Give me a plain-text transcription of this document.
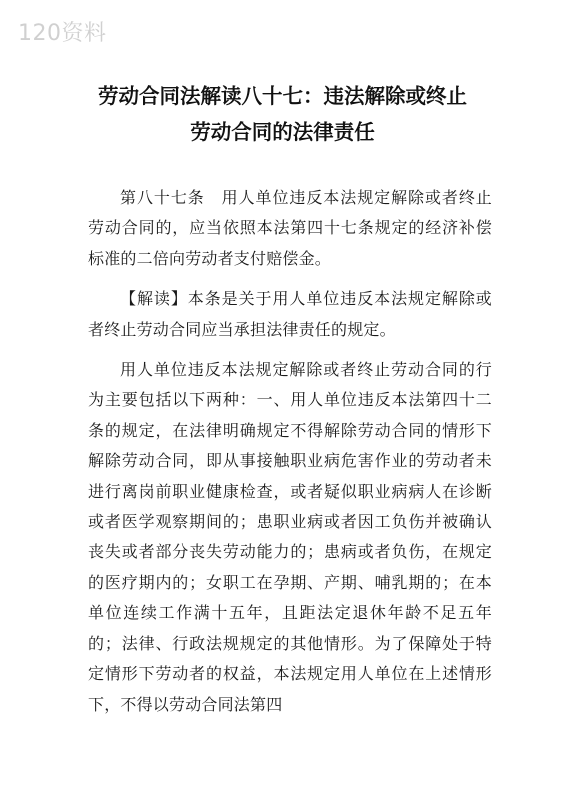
120资料
劳动合同法解读八十七：违法解除或终止
劳动合同的法律责任

第八十七条　用人单位违反本法规定解除或者终止劳动合同的，应当依照本法第四十七条规定的经济补偿标准的二倍向劳动者支付赔偿金。

【解读】本条是关于用人单位违反本法规定解除或者终止劳动合同应当承担法律责任的规定。

用人单位违反本法规定解除或者终止劳动合同的行为主要包括以下两种：一、用人单位违反本法第四十二条的规定，在法律明确规定不得解除劳动合同的情形下解除劳动合同，即从事接触职业病危害作业的劳动者未进行离岗前职业健康检查，或者疑似职业病病人在诊断或者医学观察期间的；患职业病或者因工负伤并被确认丧失或者部分丧失劳动能力的；患病或者负伤，在规定的医疗期内的；女职工在孕期、产期、哺乳期的；在本单位连续工作满十五年，且距法定退休年龄不足五年的；法律、行政法规规定的其他情形。为了保障处于特定情形下劳动者的权益，本法规定用人单位在上述情形下，不得以劳动合同法第四
